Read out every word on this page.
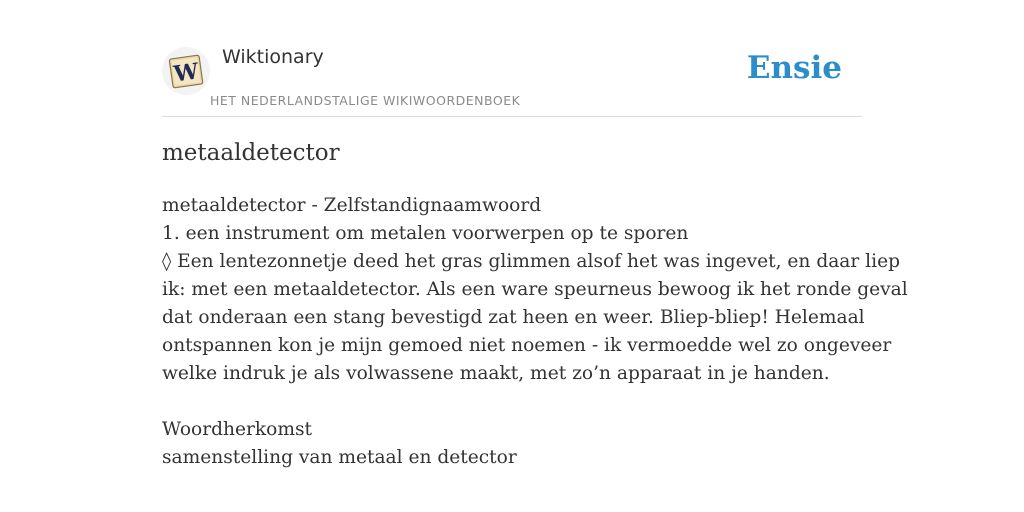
W
Wiktionary
HET NEDERLANDSTALIGE WIKIWOORDENBOEK
Ensie
metaaldetector
metaaldetector - Zelfstandignaamwoord
1. een instrument om metalen voorwerpen op te sporen
◊ Een lentezonnetje deed het gras glimmen alsof het was ingevet, en daar liep
ik: met een metaaldetector. Als een ware speurneus bewoog ik het ronde geval
dat onderaan een stang bevestigd zat heen en weer. Bliep-bliep! Helemaal
ontspannen kon je mijn gemoed niet noemen - ik vermoedde wel zo ongeveer
welke indruk je als volwassene maakt, met zo’n apparaat in je handen.
Woordherkomst
samenstelling van metaal en detector
